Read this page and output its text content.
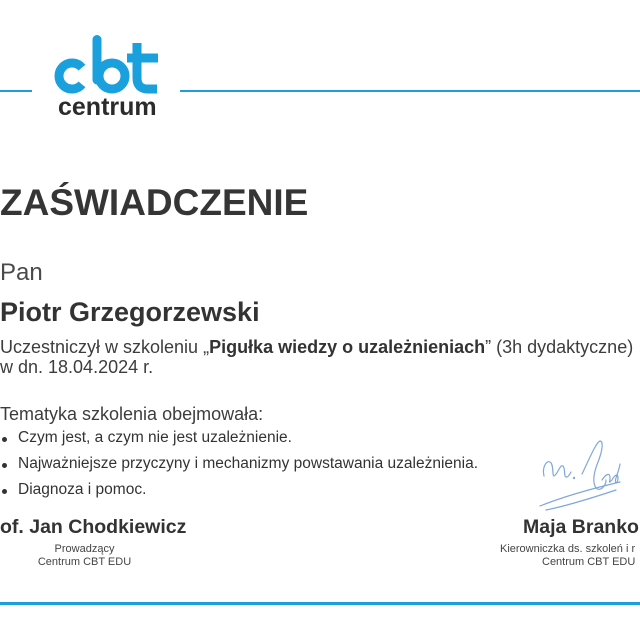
centrum
ZAŚWIADCZENIE
Pan
Piotr Grzegorzewski
Uczestniczył w szkoleniu „Pigułka wiedzy o uzależnieniach” (3h dydaktyczne)
w dn. 18.04.2024 r.
Tematyka szkolenia obejmowała:
Czym jest, a czym nie jest uzależnienie.
Najważniejsze przyczyny i mechanizmy powstawania uzależnienia.
Diagnoza i pomoc.
of. Jan Chodkiewicz
Prowadzący
Centrum CBT EDU
Maja Branko
Kierowniczka ds. szkoleń i r
Centrum CBT EDU
